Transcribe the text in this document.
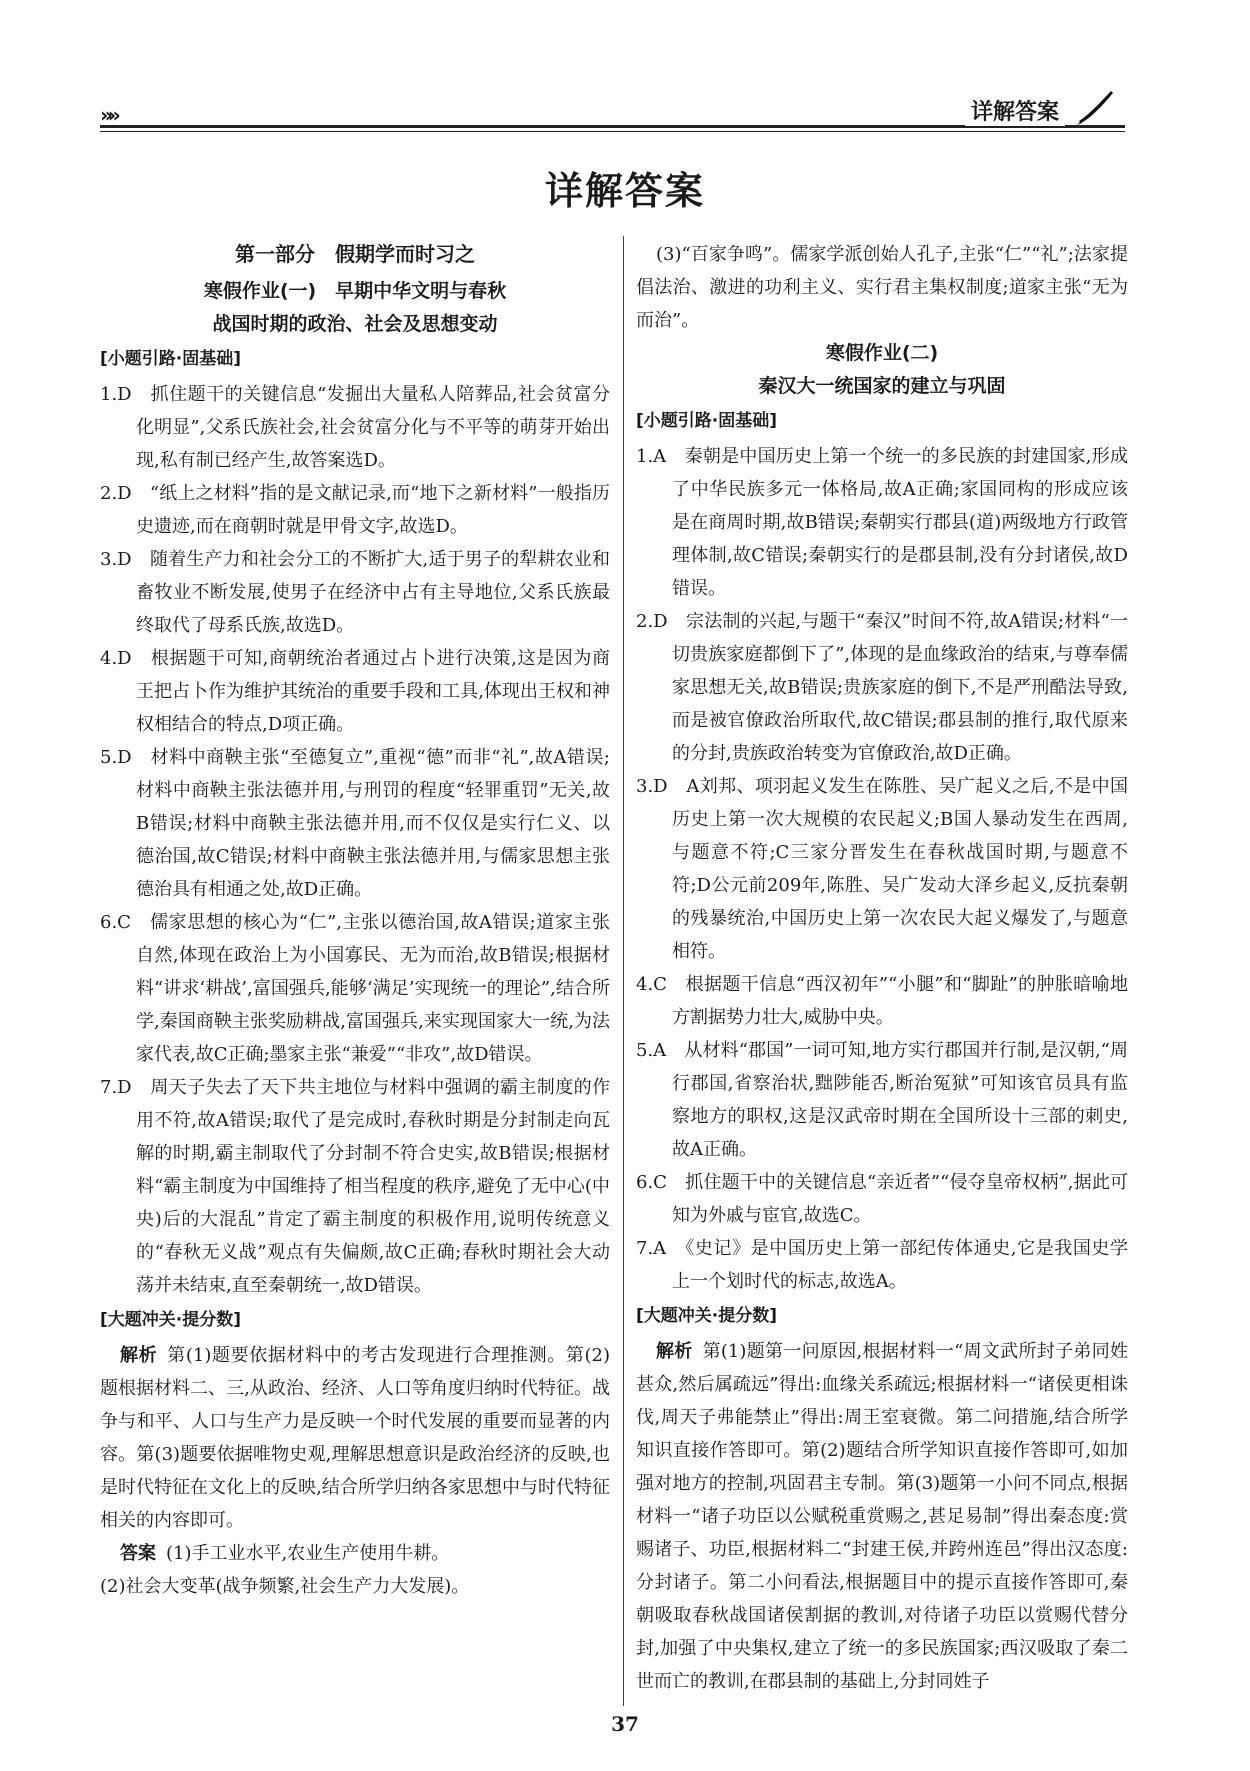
»»	详解答案
详解答案
第一部分　假期学而时习之
寒假作业(一)　早期中华文明与春秋
战国时期的政治、社会及思想变动
[小题引路·固基础]
1.D　抓住题干的关键信息“发掘出大量私人陪葬品,社会贫富分化明显”,父系氏族社会,社会贫富分化与不平等的萌芽开始出现,私有制已经产生,故答案选D。
2.D　“纸上之材料”指的是文献记录,而“地下之新材料”一般指历史遗迹,而在商朝时就是甲骨文字,故选D。
3.D　随着生产力和社会分工的不断扩大,适于男子的犁耕农业和畜牧业不断发展,使男子在经济中占有主导地位,父系氏族最终取代了母系氏族,故选D。
4.D　根据题干可知,商朝统治者通过占卜进行决策,这是因为商王把占卜作为维护其统治的重要手段和工具,体现出王权和神权相结合的特点,D项正确。
5.D　材料中商鞅主张“至德复立”,重视“德”而非“礼”,故A错误;材料中商鞅主张法德并用,与刑罚的程度“轻罪重罚”无关,故B错误;材料中商鞅主张法德并用,而不仅仅是实行仁义、以德治国,故C错误;材料中商鞅主张法德并用,与儒家思想主张德治具有相通之处,故D正确。
6.C　儒家思想的核心为“仁”,主张以德治国,故A错误;道家主张自然,体现在政治上为小国寡民、无为而治,故B错误;根据材料“讲求‘耕战’,富国强兵,能够‘满足’实现统一的理论”,结合所学,秦国商鞅主张奖励耕战,富国强兵,来实现国家大一统,为法家代表,故C正确;墨家主张“兼爱”“非攻”,故D错误。
7.D　周天子失去了天下共主地位与材料中强调的霸主制度的作用不符,故A错误;取代了是完成时,春秋时期是分封制走向瓦解的时期,霸主制取代了分封制不符合史实,故B错误;根据材料“霸主制度为中国维持了相当程度的秩序,避免了无中心(中央)后的大混乱”肯定了霸主制度的积极作用,说明传统意义的“春秋无义战”观点有失偏颇,故C正确;春秋时期社会大动荡并未结束,直至秦朝统一,故D错误。
[大题冲关·提分数]
解析 第(1)题要依据材料中的考古发现进行合理推测。第(2)题根据材料二、三,从政治、经济、人口等角度归纳时代特征。战争与和平、人口与生产力是反映一个时代发展的重要而显著的内容。第(3)题要依据唯物史观,理解思想意识是政治经济的反映,也是时代特征在文化上的反映,结合所学归纳各家思想中与时代特征相关的内容即可。
答案 (1)手工业水平,农业生产使用牛耕。
(2)社会大变革(战争频繁,社会生产力大发展)。
(3)“百家争鸣”。儒家学派创始人孔子,主张“仁”“礼”;法家提倡法治、激进的功利主义、实行君主集权制度;道家主张“无为而治”。
寒假作业(二)
秦汉大一统国家的建立与巩固
[小题引路·固基础]
1.A　秦朝是中国历史上第一个统一的多民族的封建国家,形成了中华民族多元一体格局,故A正确;家国同构的形成应该是在商周时期,故B错误;秦朝实行郡县(道)两级地方行政管理体制,故C错误;秦朝实行的是郡县制,没有分封诸侯,故D错误。
2.D　宗法制的兴起,与题干“秦汉”时间不符,故A错误;材料“一切贵族家庭都倒下了”,体现的是血缘政治的结束,与尊奉儒家思想无关,故B错误;贵族家庭的倒下,不是严刑酷法导致,而是被官僚政治所取代,故C错误;郡县制的推行,取代原来的分封,贵族政治转变为官僚政治,故D正确。
3.D　A刘邦、项羽起义发生在陈胜、吴广起义之后,不是中国历史上第一次大规模的农民起义;B国人暴动发生在西周,与题意不符;C三家分晋发生在春秋战国时期,与题意不符;D公元前209年,陈胜、吴广发动大泽乡起义,反抗秦朝的残暴统治,中国历史上第一次农民大起义爆发了,与题意相符。
4.C　根据题干信息“西汉初年”“小腿”和“脚趾”的肿胀暗喻地方割据势力壮大,威胁中央。
5.A　从材料“郡国”一词可知,地方实行郡国并行制,是汉朝,“周行郡国,省察治状,黜陟能否,断治冤狱”可知该官员具有监察地方的职权,这是汉武帝时期在全国所设十三部的刺史,故A正确。
6.C　抓住题干中的关键信息“亲近者”“侵夺皇帝权柄”,据此可知为外戚与宦官,故选C。
7.A　《史记》是中国历史上第一部纪传体通史,它是我国史学上一个划时代的标志,故选A。
[大题冲关·提分数]
解析 第(1)题第一问原因,根据材料一“周文武所封子弟同姓甚众,然后属疏远”得出:血缘关系疏远;根据材料一“诸侯更相诛伐,周天子弗能禁止”得出:周王室衰微。第二问措施,结合所学知识直接作答即可。第(2)题结合所学知识直接作答即可,如加强对地方的控制,巩固君主专制。第(3)题第一小问不同点,根据材料一“诸子功臣以公赋税重赏赐之,甚足易制”得出秦态度:赏赐诸子、功臣,根据材料二“封建王侯,并跨州连邑”得出汉态度:分封诸子。第二小问看法,根据题目中的提示直接作答即可,秦朝吸取春秋战国诸侯割据的教训,对待诸子功臣以赏赐代替分封,加强了中央集权,建立了统一的多民族国家;西汉吸取了秦二世而亡的教训,在郡县制的基础上,分封同姓子
37
